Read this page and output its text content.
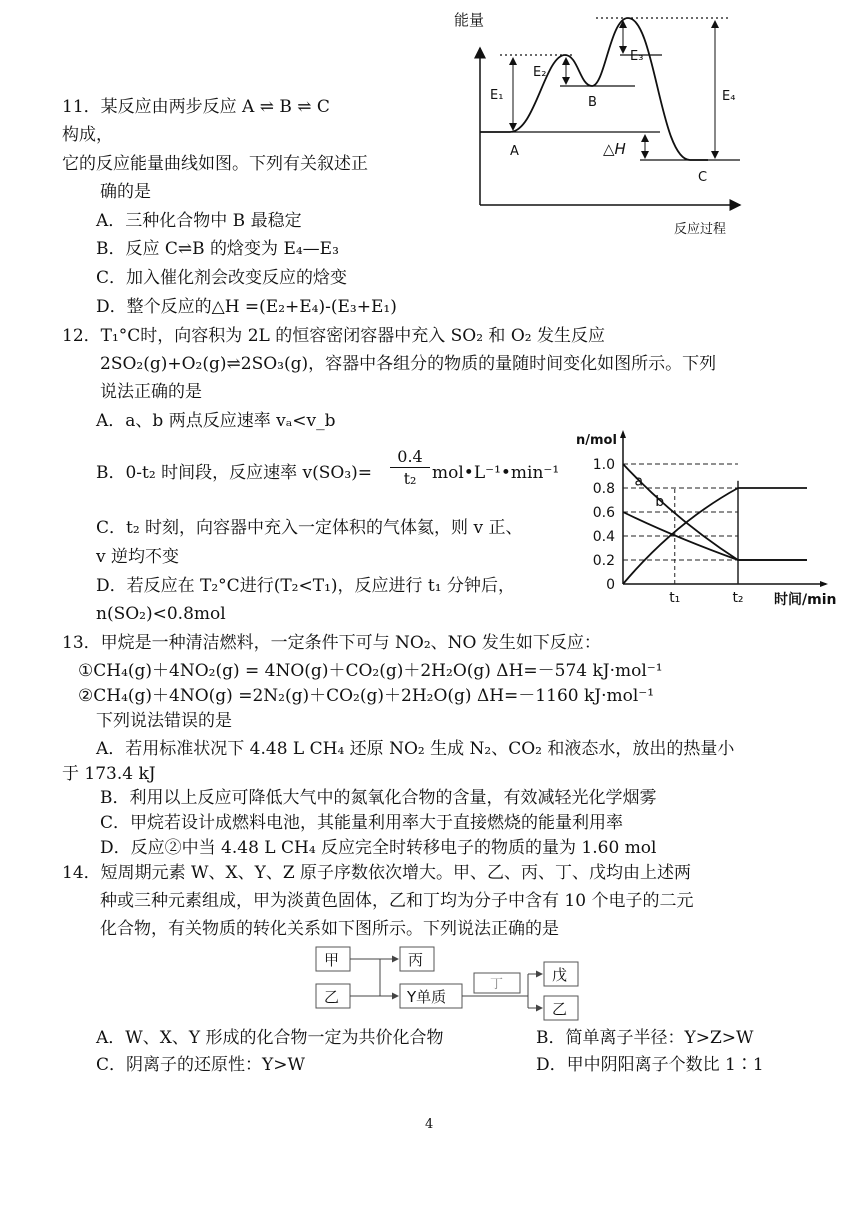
11．某反应由两步反应 A ⇌ B ⇌ C
构成，
它的反应能量曲线如图。下列有关叙述正
确的是
A．三种化合物中 B 最稳定
B．反应 C⇌B 的焓变为 E₄—E₃
C．加入催化剂会改变反应的焓变
D．整个反应的△H =(E₂+E₄)-(E₃+E₁)
能量
反应过程
E₁
E₂
E₃
E₄
A
B
C
△H
12．T₁°C时，向容积为 2L 的恒容密闭容器中充入 SO₂ 和 O₂ 发生反应
2SO₂(g)+O₂(g)⇌2SO₃(g)，容器中各组分的物质的量随时间变化如图所示。下列
说法正确的是
A．a、b 两点反应速率 vₐ<v_b
B．0-t₂ 时间段，反应速率 $v(SO_3)= \frac{0.4}{\text{t₂}}$ mol•L⁻¹•min⁻¹
C．t₂ 时刻，向容器中充入一定体积的气体氦，则 v 正、
v 逆均不变
D．若反应在 T₂°C进行(T₂<T₁)，反应进行 t₁ 分钟后，
n(SO₂)<0.8mol
0
0.2
0.4
0.6
0.8
1.0
a
b
t₁	t₂
n/mol
时间/min
13．甲烷是一种清洁燃料，一定条件下可与 NO₂、NO 发生如下反应：
①CH₄(g)＋4NO₂(g) = 4NO(g)＋CO₂(g)＋2H₂O(g) ΔH=－574 kJ·mol⁻¹
②CH₄(g)＋4NO(g) =2N₂(g)＋CO₂(g)＋2H₂O(g) ΔH=－1160 kJ·mol⁻¹
下列说法错误的是
A．若用标准状况下 4.48 L CH₄ 还原 NO₂ 生成 N₂、CO₂ 和液态水，放出的热量小
于 173.4 kJ
B．利用以上反应可降低大气中的氮氧化合物的含量，有效减轻光化学烟雾
C．甲烷若设计成燃料电池，其能量利用率大于直接燃烧的能量利用率
D．反应②中当 4.48 L CH₄ 反应完全时转移电子的物质的量为 1.60 mol
14．短周期元素 W、X、Y、Z 原子序数依次增大。甲、乙、丙、丁、戊均由上述两
种或三种元素组成，甲为淡黄色固体，乙和丁均为分子中含有 10 个电子的二元
化合物，有关物质的转化关系如下图所示。下列说法正确的是
甲
乙
丙
Y单质
丁
戊
乙
A．W、X、Y 形成的化合物一定为共价化合物	B．简单离子半径：Y>Z>W
C．阴离子的还原性：Y>W	D．甲中阴阳离子个数比 1∶1
4
